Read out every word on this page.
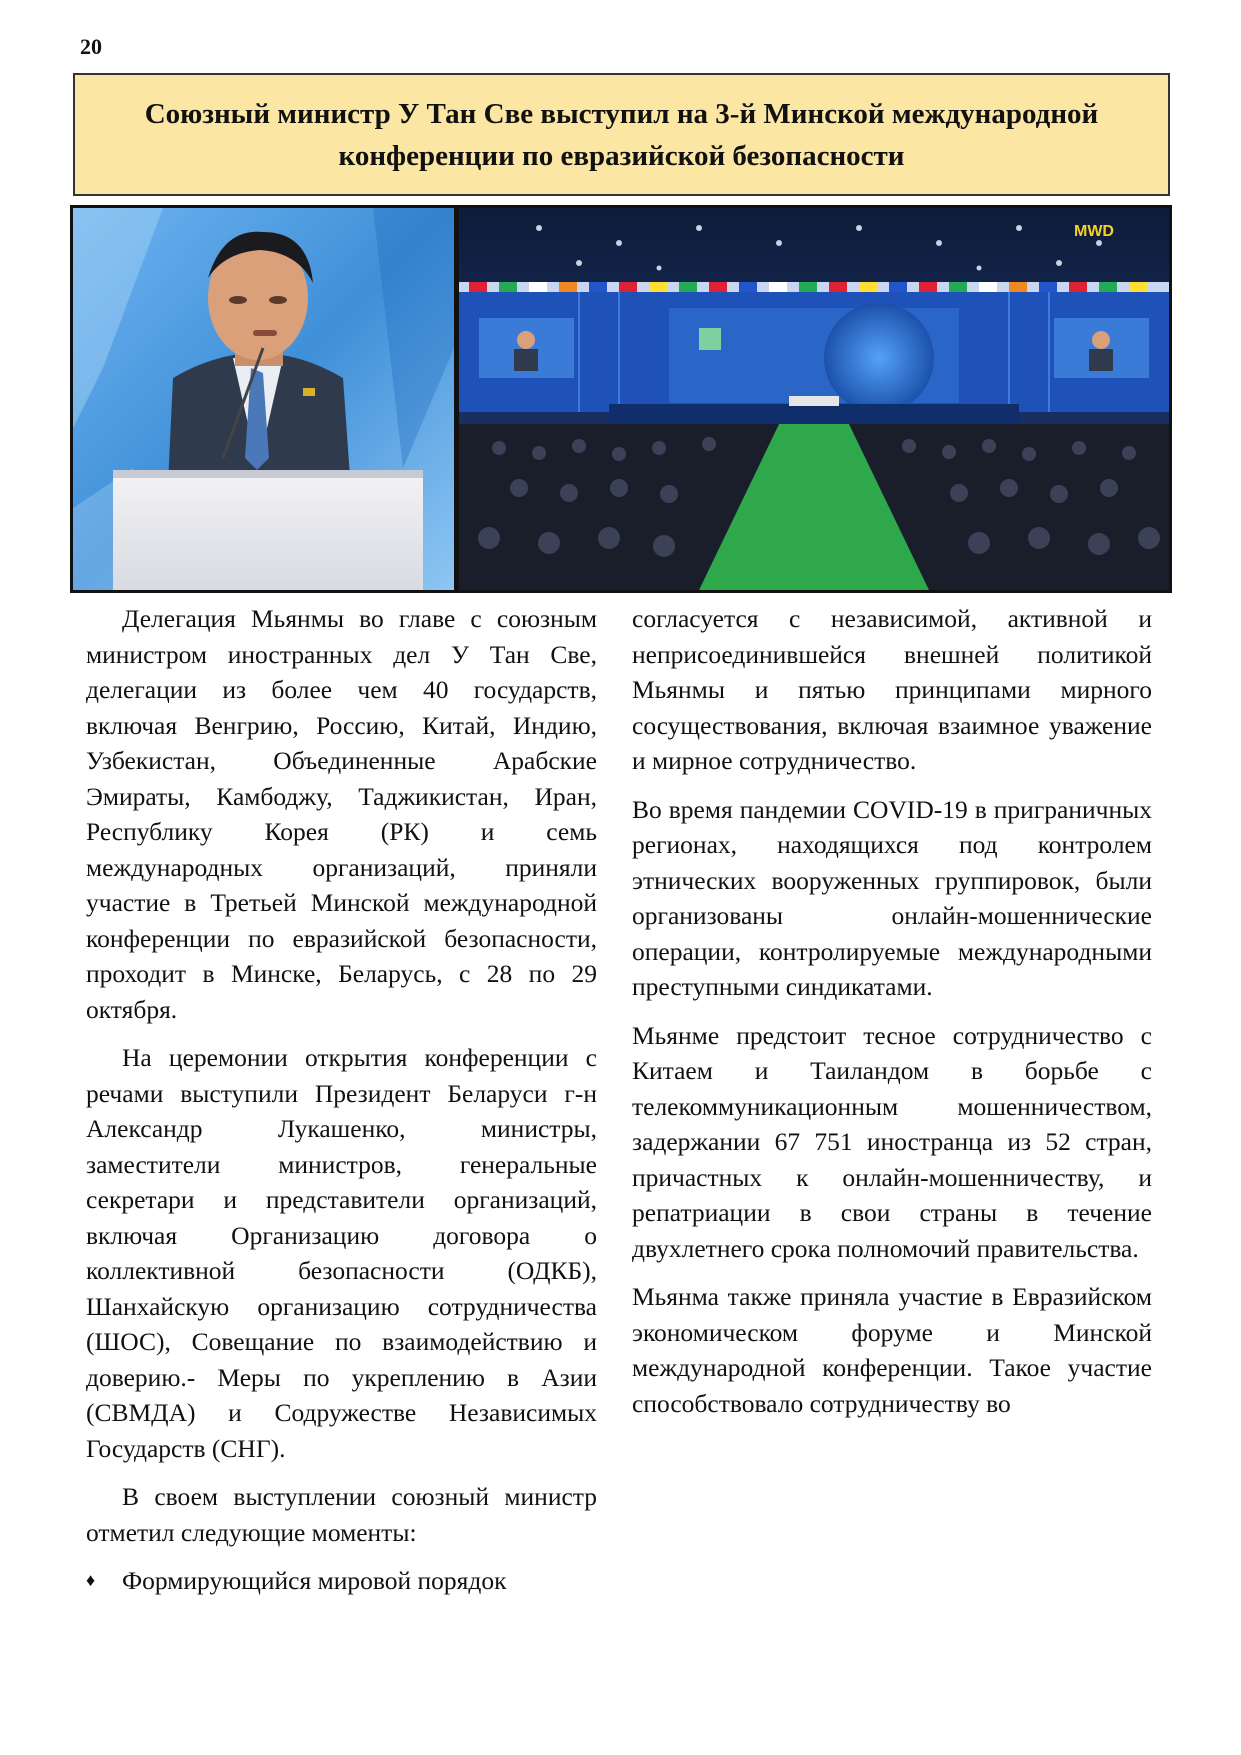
20
Союзный министр У Тан Све выступил на 3-й Минской международной конференции по евразийской безопасности
MWD

Делегация Мьянмы во главе с союзным министром иностранных дел У Тан Све, делегации из более чем 40 государств, включая Венгрию, Россию, Китай, Индию, Узбекистан, Объединенные Арабские Эмираты, Камбоджу, Таджикистан, Иран, Республику Корея (РК) и семь международных организаций, приняли участие в Третьей Минской международной конференции по евразийской безопасности, проходит в Минске, Беларусь, с 28 по 29 октября.

На церемонии открытия конференции с речами выступили Президент Беларуси г-н Александр Лукашенко, министры, заместители министров, генеральные секретари и представители организаций, включая Организацию договора о коллективной безопасности (ОДКБ), Шанхайскую организацию сотрудничества (ШОС), Совещание по взаимодействию и доверию.- Меры по укреплению в Азии (СВМДА) и Содружестве Независимых Государств (СНГ).

В своем выступлении союзный министр отметил следующие моменты:

♦	Формирующийся мировой порядок

согласуется с независимой, активной и неприсоединившейся внешней политикой Мьянмы и пятью принципами мирного сосуществования, включая взаимное уважение и мирное сотрудничество.

Во время пандемии COVID-19 в приграничных регионах, находящихся под контролем этнических вооруженных группировок, были организованы онлайн-мошеннические операции, контролируемые международными преступными синдикатами.

Мьянме предстоит тесное сотрудничество с Китаем и Таиландом в борьбе с телекоммуникационным мошенничеством, задержании 67 751 иностранца из 52 стран, причастных к онлайн-мошенничеству, и репатриации в свои страны в течение двухлетнего срока полномочий правительства.

Мьянма также приняла участие в Евразийском экономическом форуме и Минской международной конференции. Такое участие способствовало сотрудничеству во
